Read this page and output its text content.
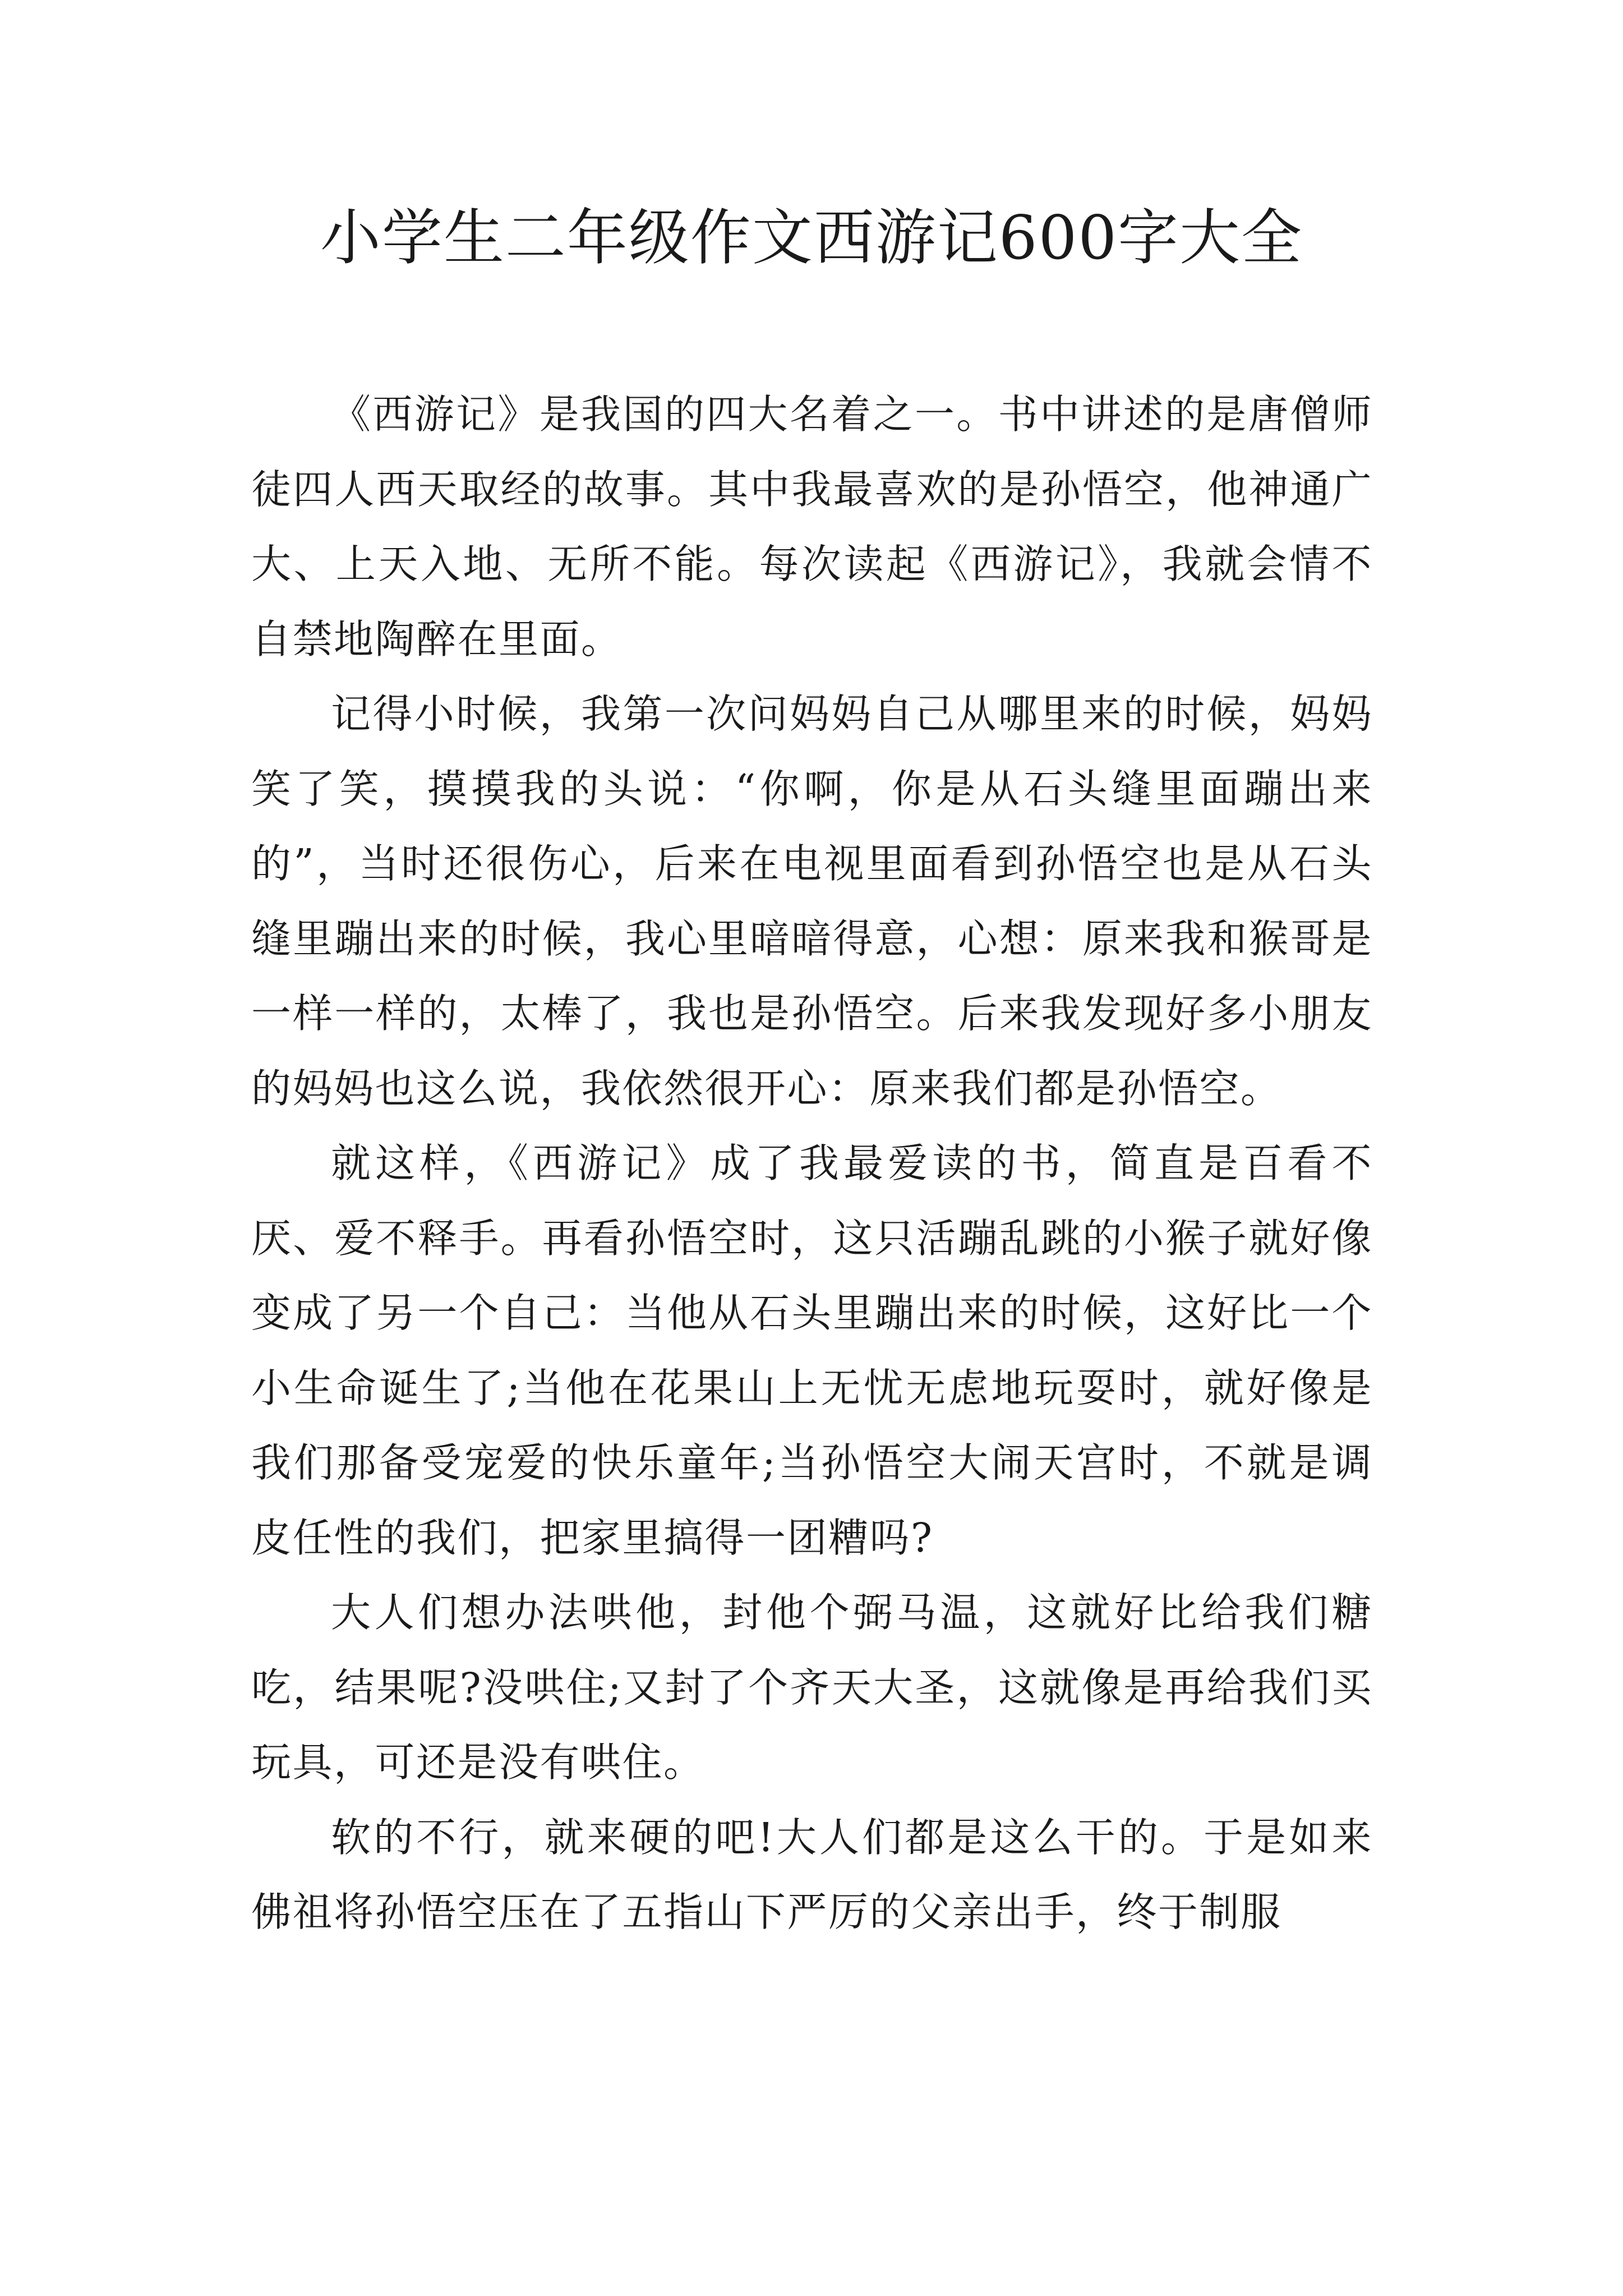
小学生二年级作文西游记600字大全

《西游记》是我国的四大名着之一。书中讲述的是唐僧师徒四人西天取经的故事。其中我最喜欢的是孙悟空，他神通广大、上天入地、无所不能。每次读起《西游记》，我就会情不自禁地陶醉在里面。

记得小时候，我第一次问妈妈自己从哪里来的时候，妈妈笑了笑，摸摸我的头说：“你啊，你是从石头缝里面蹦出来的”，当时还很伤心，后来在电视里面看到孙悟空也是从石头缝里蹦出来的时候，我心里暗暗得意，心想：原来我和猴哥是一样一样的，太棒了，我也是孙悟空。后来我发现好多小朋友的妈妈也这么说，我依然很开心：原来我们都是孙悟空。

就这样，《西游记》成了我最爱读的书，简直是百看不厌、爱不释手。再看孙悟空时，这只活蹦乱跳的小猴子就好像变成了另一个自己：当他从石头里蹦出来的时候，这好比一个小生命诞生了;当他在花果山上无忧无虑地玩耍时，就好像是我们那备受宠爱的快乐童年;当孙悟空大闹天宫时，不就是调皮任性的我们，把家里搞得一团糟吗?

大人们想办法哄他，封他个弼马温，这就好比给我们糖吃，结果呢?没哄住;又封了个齐天大圣，这就像是再给我们买玩具，可还是没有哄住。

软的不行，就来硬的吧!大人们都是这么干的。于是如来佛祖将孙悟空压在了五指山下严厉的父亲出手，终于制服
